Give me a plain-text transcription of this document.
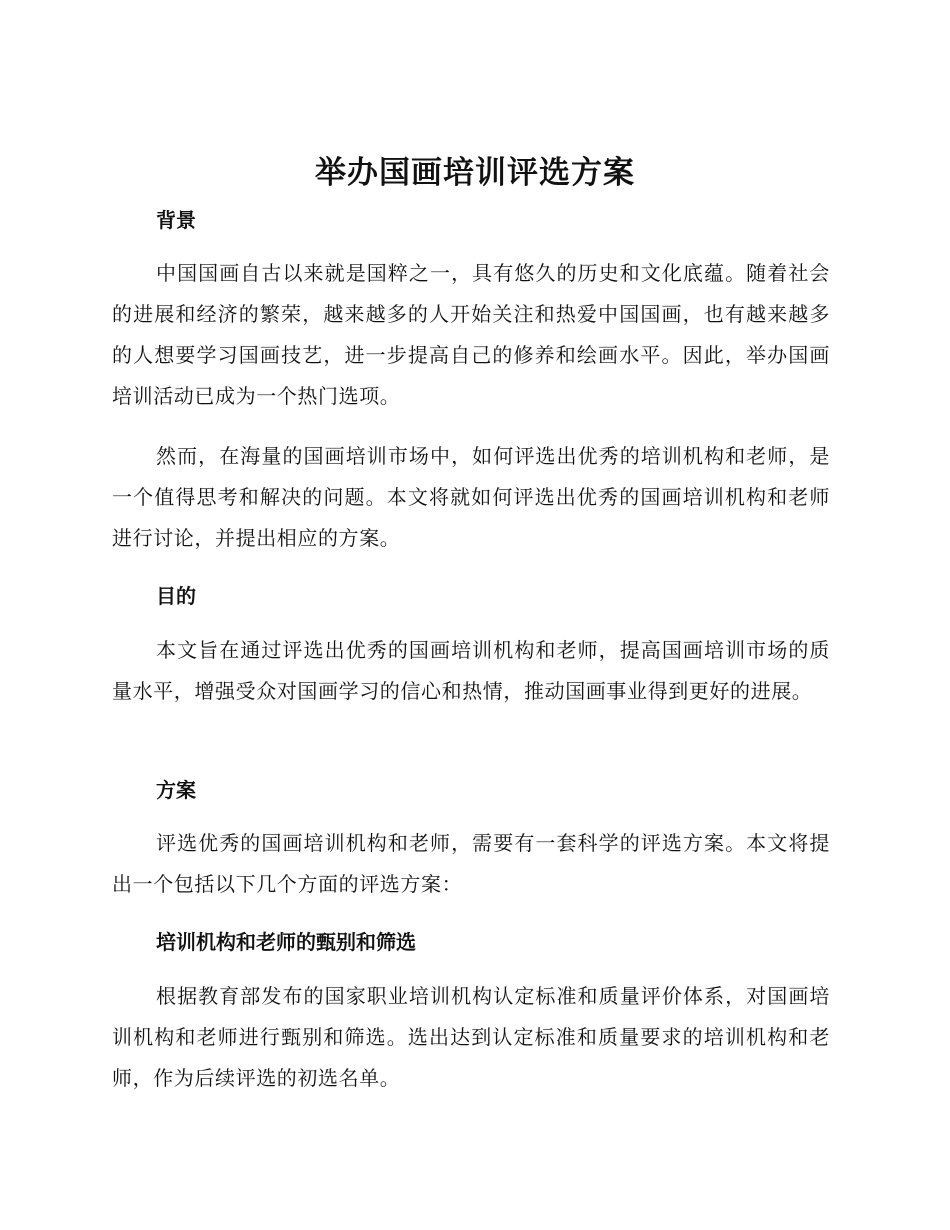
举办国画培训评选方案
背景

中国国画自古以来就是国粹之一，具有悠久的历史和文化底蕴。随着社会的进展和经济的繁荣，越来越多的人开始关注和热爱中国国画，也有越来越多的人想要学习国画技艺，进一步提高自己的修养和绘画水平。因此，举办国画培训活动已成为一个热门选项。

然而，在海量的国画培训市场中，如何评选出优秀的培训机构和老师，是一个值得思考和解决的问题。本文将就如何评选出优秀的国画培训机构和老师进行讨论，并提出相应的方案。

目的

本文旨在通过评选出优秀的国画培训机构和老师，提高国画培训市场的质量水平，增强受众对国画学习的信心和热情，推动国画事业得到更好的进展。

方案

评选优秀的国画培训机构和老师，需要有一套科学的评选方案。本文将提出一个包括以下几个方面的评选方案：

培训机构和老师的甄别和筛选

根据教育部发布的国家职业培训机构认定标准和质量评价体系，对国画培训机构和老师进行甄别和筛选。选出达到认定标准和质量要求的培训机构和老师，作为后续评选的初选名单。
